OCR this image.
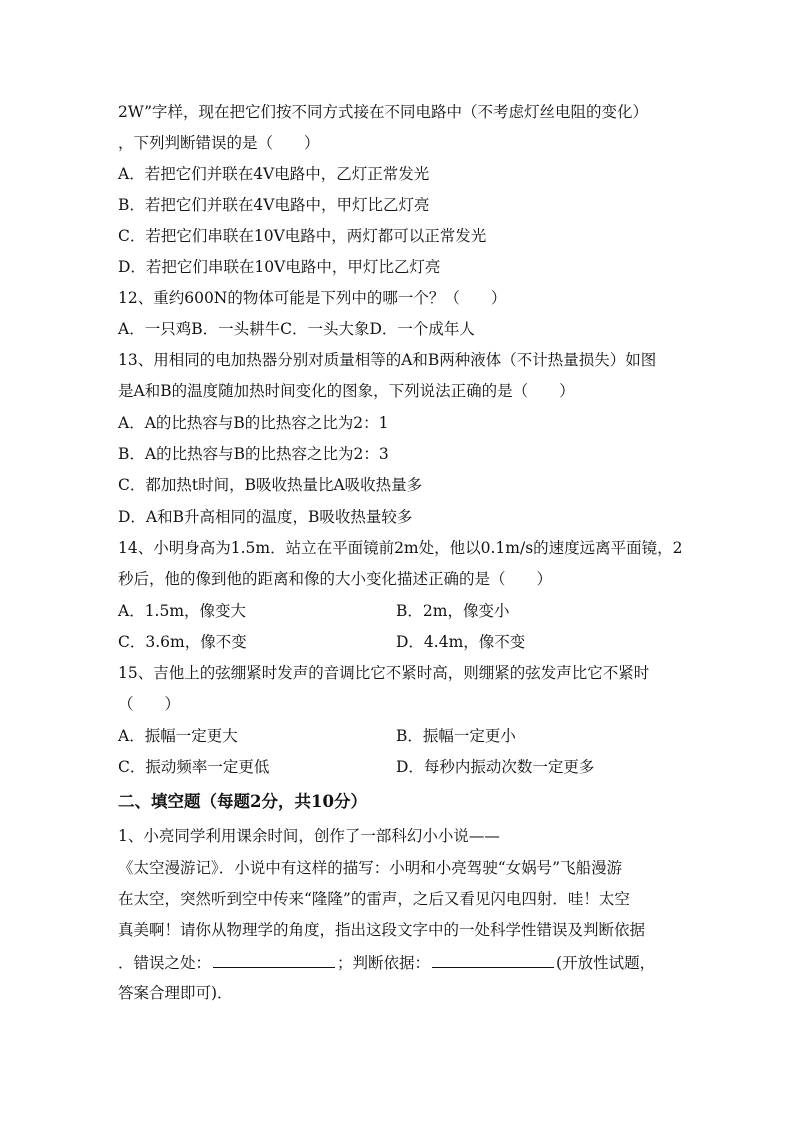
2W”字样，现在把它们按不同方式接在不同电路中（不考虑灯丝电阻的变化）
，下列判断错误的是（　　）
A．若把它们并联在4V电路中，乙灯正常发光
B．若把它们并联在4V电路中，甲灯比乙灯亮
C．若把它们串联在10V电路中，两灯都可以正常发光
D．若把它们串联在10V电路中，甲灯比乙灯亮
12、重约600N的物体可能是下列中的哪一个？（　　）
A．一只鸡B．一头耕牛C．一头大象D．一个成年人
13、用相同的电加热器分别对质量相等的A和B两种液体（不计热量损失）如图
是A和B的温度随加热时间变化的图象，下列说法正确的是（　　）
A．A的比热容与B的比热容之比为2：1
B．A的比热容与B的比热容之比为2：3
C．都加热t时间，B吸收热量比A吸收热量多
D．A和B升高相同的温度，B吸收热量较多
14、小明身高为1.5m．站立在平面镜前2m处，他以0.1m/s的速度远离平面镜，2
秒后，他的像到他的距离和像的大小变化描述正确的是（　　）
A．1.5m，像变大	B．2m，像变小
C．3.6m，像不变	D．4.4m，像不变
15、吉他上的弦绷紧时发声的音调比它不紧时高，则绷紧的弦发声比它不紧时
（　　）
A．振幅一定更大	B．振幅一定更小
C．振动频率一定更低	D．每秒内振动次数一定更多
二、填空题（每题2分，共10分）
1、小亮同学利用课余时间，创作了一部科幻小小说——
《太空漫游记》．小说中有这样的描写：小明和小亮驾驶“女娲号”飞船漫游
在太空，突然听到空中传来“隆隆”的雷声，之后又看见闪电四射．哇！太空
真美啊！请你从物理学的角度，指出这段文字中的一处科学性错误及判断依据
．错误之处：	；判断依据：	(开放性试题，
答案合理即可)．
